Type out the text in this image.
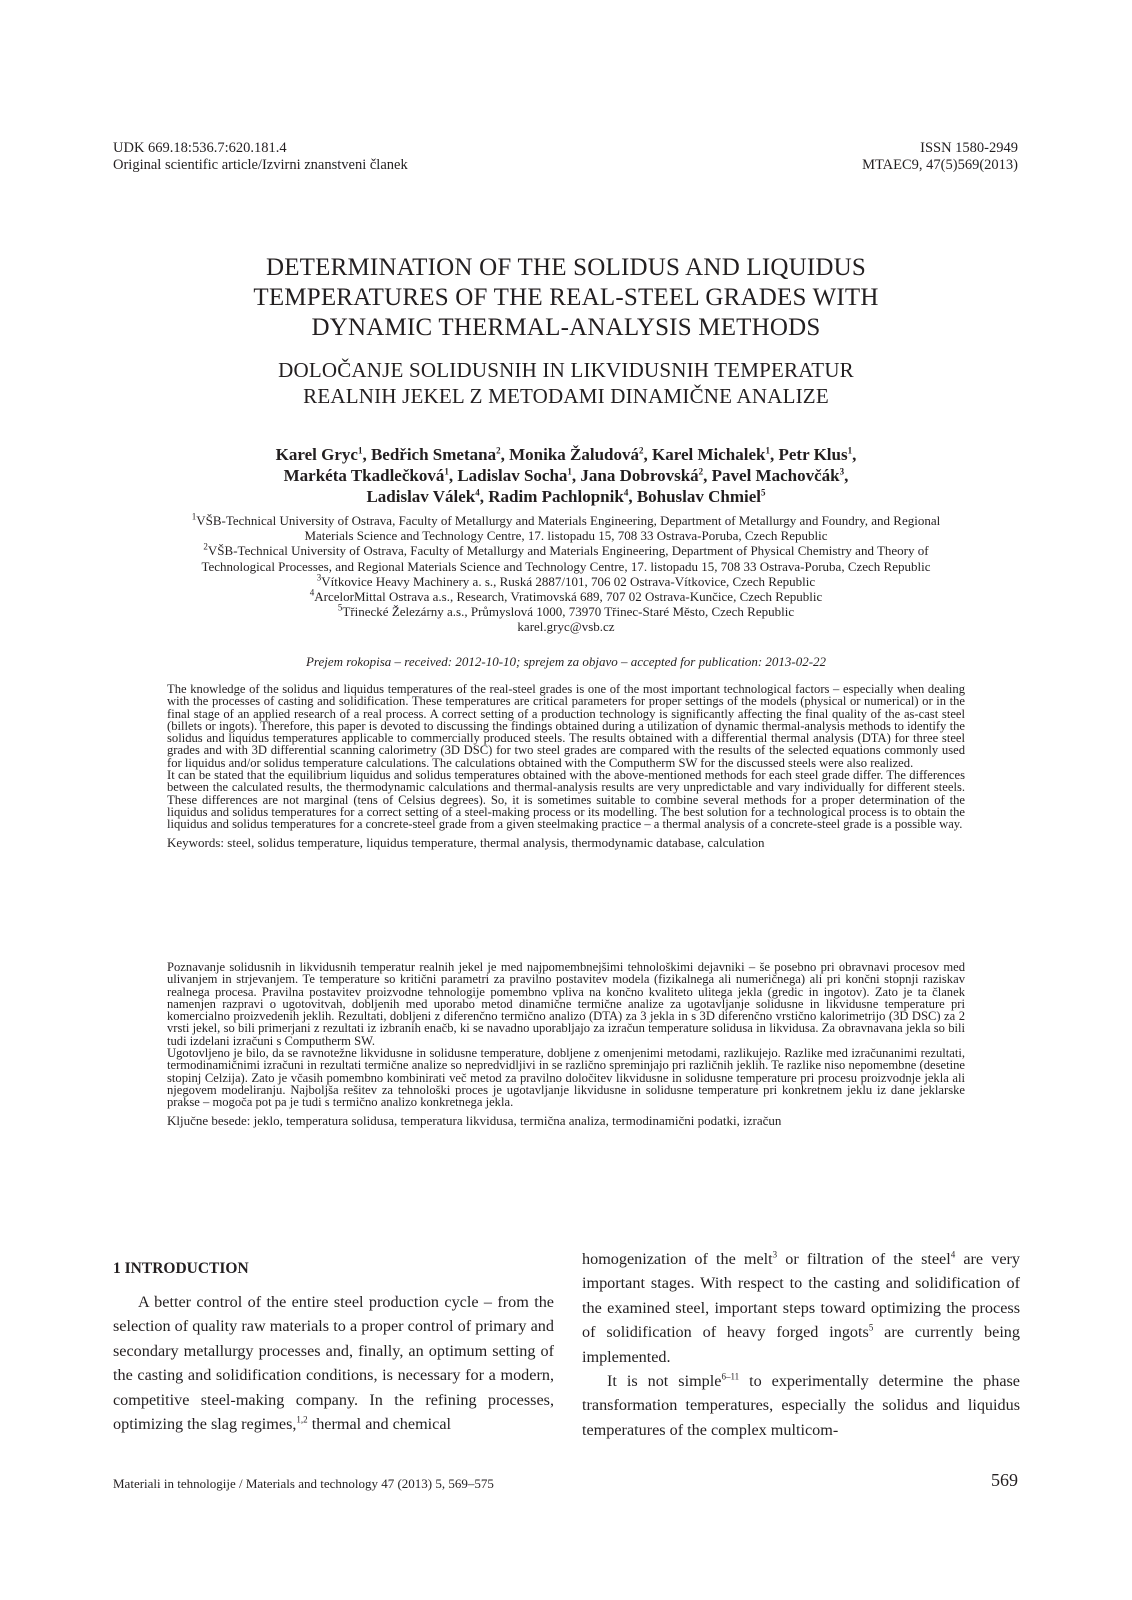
UDK 669.18:536.7:620.181.4
Original scientific article/Izvirni znanstveni članek
ISSN 1580-2949
MTAEC9, 47(5)569(2013)
DETERMINATION OF THE SOLIDUS AND LIQUIDUS
TEMPERATURES OF THE REAL-STEEL GRADES WITH
DYNAMIC THERMAL-ANALYSIS METHODS
DOLOČANJE SOLIDUSNIH IN LIKVIDUSNIH TEMPERATUR
REALNIH JEKEL Z METODAMI DINAMIČNE ANALIZE
Karel Gryc$^1$, Bedřich Smetana$^2$, Monika Žaludová$^2$, Karel Michalek$^1$, Petr Klus$^1$,
Markéta Tkadlečková$^1$, Ladislav Socha$^1$, Jana Dobrovská$^2$, Pavel Machovčák$^3$,
Ladislav Válek$^4$, Radim Pachlopnik$^4$, Bohuslav Chmiel$^5$
$^1$VŠB-Technical University of Ostrava, Faculty of Metallurgy and Materials Engineering, Department of Metallurgy and Foundry, and Regional
Materials Science and Technology Centre, 17. listopadu 15, 708 33 Ostrava-Poruba, Czech Republic
$^2$VŠB-Technical University of Ostrava, Faculty of Metallurgy and Materials Engineering, Department of Physical Chemistry and Theory of
Technological Processes, and Regional Materials Science and Technology Centre, 17. listopadu 15, 708 33 Ostrava-Poruba, Czech Republic
$^3$Vítkovice Heavy Machinery a. s., Ruská 2887/101, 706 02 Ostrava-Vítkovice, Czech Republic
$^4$ArcelorMittal Ostrava a.s., Research, Vratimovská 689, 707 02 Ostrava-Kunčice, Czech Republic
$^5$Třinecké Železárny a.s., Průmyslová 1000, 73970 Třinec-Staré Město, Czech Republic
karel.gryc@vsb.cz
Prejem rokopisa – received: 2012-10-10; sprejem za objavo – accepted for publication: 2013-02-22

The knowledge of the solidus and liquidus temperatures of the real-steel grades is one of the most important technological factors – especially when dealing with the processes of casting and solidification. These temperatures are critical parameters for proper settings of the models (physical or numerical) or in the final stage of an applied research of a real process. A correct setting of a production technology is significantly affecting the final quality of the as-cast steel (billets or ingots). Therefore, this paper is devoted to discussing the findings obtained during a utilization of dynamic thermal-analysis methods to identify the solidus and liquidus temperatures applicable to commercially produced steels. The results obtained with a differential thermal analysis (DTA) for three steel grades and with 3D differential scanning calorimetry (3D DSC) for two steel grades are compared with the results of the selected equations commonly used for liquidus and/or solidus temperature calculations. The calculations obtained with the Computherm SW for the discussed steels were also realized.

It can be stated that the equilibrium liquidus and solidus temperatures obtained with the above-mentioned methods for each steel grade differ. The differences between the calculated results, the thermodynamic calculations and thermal-analysis results are very unpredictable and vary individually for different steels. These differences are not marginal (tens of Celsius degrees). So, it is sometimes suitable to combine several methods for a proper determination of the liquidus and solidus temperatures for a correct setting of a steel-making process or its modelling. The best solution for a technological process is to obtain the liquidus and solidus temperatures for a concrete-steel grade from a given steelmaking practice – a thermal analysis of a concrete-steel grade is a possible way.

Keywords: steel, solidus temperature, liquidus temperature, thermal analysis, thermodynamic database, calculation

Poznavanje solidusnih in likvidusnih temperatur realnih jekel je med najpomembnejšimi tehnološkimi dejavniki – še posebno pri obravnavi procesov med ulivanjem in strjevanjem. Te temperature so kritični parametri za pravilno postavitev modela (fizikalnega ali numeričnega) ali pri končni stopnji raziskav realnega procesa. Pravilna postavitev proizvodne tehnologije pomembno vpliva na končno kvaliteto ulitega jekla (gredic in ingotov). Zato je ta članek namenjen razpravi o ugotovitvah, dobljenih med uporabo metod dinamične termične analize za ugotavljanje solidusne in likvidusne temperature pri komercialno proizvedenih jeklih. Rezultati, dobljeni z diferenčno termično analizo (DTA) za 3 jekla in s 3D diferenčno vrstično kalorimetrijo (3D DSC) za 2 vrsti jekel, so bili primerjani z rezultati iz izbranih enačb, ki se navadno uporabljajo za izračun temperature solidusa in likvidusa. Za obravnavana jekla so bili tudi izdelani izračuni s Computherm SW.

Ugotovljeno je bilo, da se ravnotežne likvidusne in solidusne temperature, dobljene z omenjenimi metodami, razlikujejo. Razlike med izračunanimi rezultati, termodinamičnimi izračuni in rezultati termične analize so nepredvidljivi in se različno spreminjajo pri različnih jeklih. Te razlike niso nepomembne (desetine stopinj Celzija). Zato je včasih pomembno kombinirati več metod za pravilno določitev likvidusne in solidusne temperature pri procesu proizvodnje jekla ali njegovem modeliranju. Najboljša rešitev za tehnološki proces je ugotavljanje likvidusne in solidusne temperature pri konkretnem jeklu iz dane jeklarske prakse – mogoča pot pa je tudi s termično analizo konkretnega jekla.

Ključne besede: jeklo, temperatura solidusa, temperatura likvidusa, termična analiza, termodinamični podatki, izračun

1 INTRODUCTION

A better control of the entire steel production cycle – from the selection of quality raw materials to a proper control of primary and secondary metallurgy processes and, finally, an optimum setting of the casting and solidification conditions, is necessary for a modern, competitive steel-making company. In the refining processes, optimizing the slag regimes,$^{1,2}$ thermal and chemical

homogenization of the melt$^3$ or filtration of the steel$^4$ are very important stages. With respect to the casting and solidification of the examined steel, important steps toward optimizing the process of solidification of heavy forged ingots$^5$ are currently being implemented.

It is not simple$^{6-11}$ to experimentally determine the phase transformation temperatures, especially the solidus and liquidus temperatures of the complex multicom-

Materiali in tehnologije / Materials and technology 47 (2013) 5, 569–575	569
